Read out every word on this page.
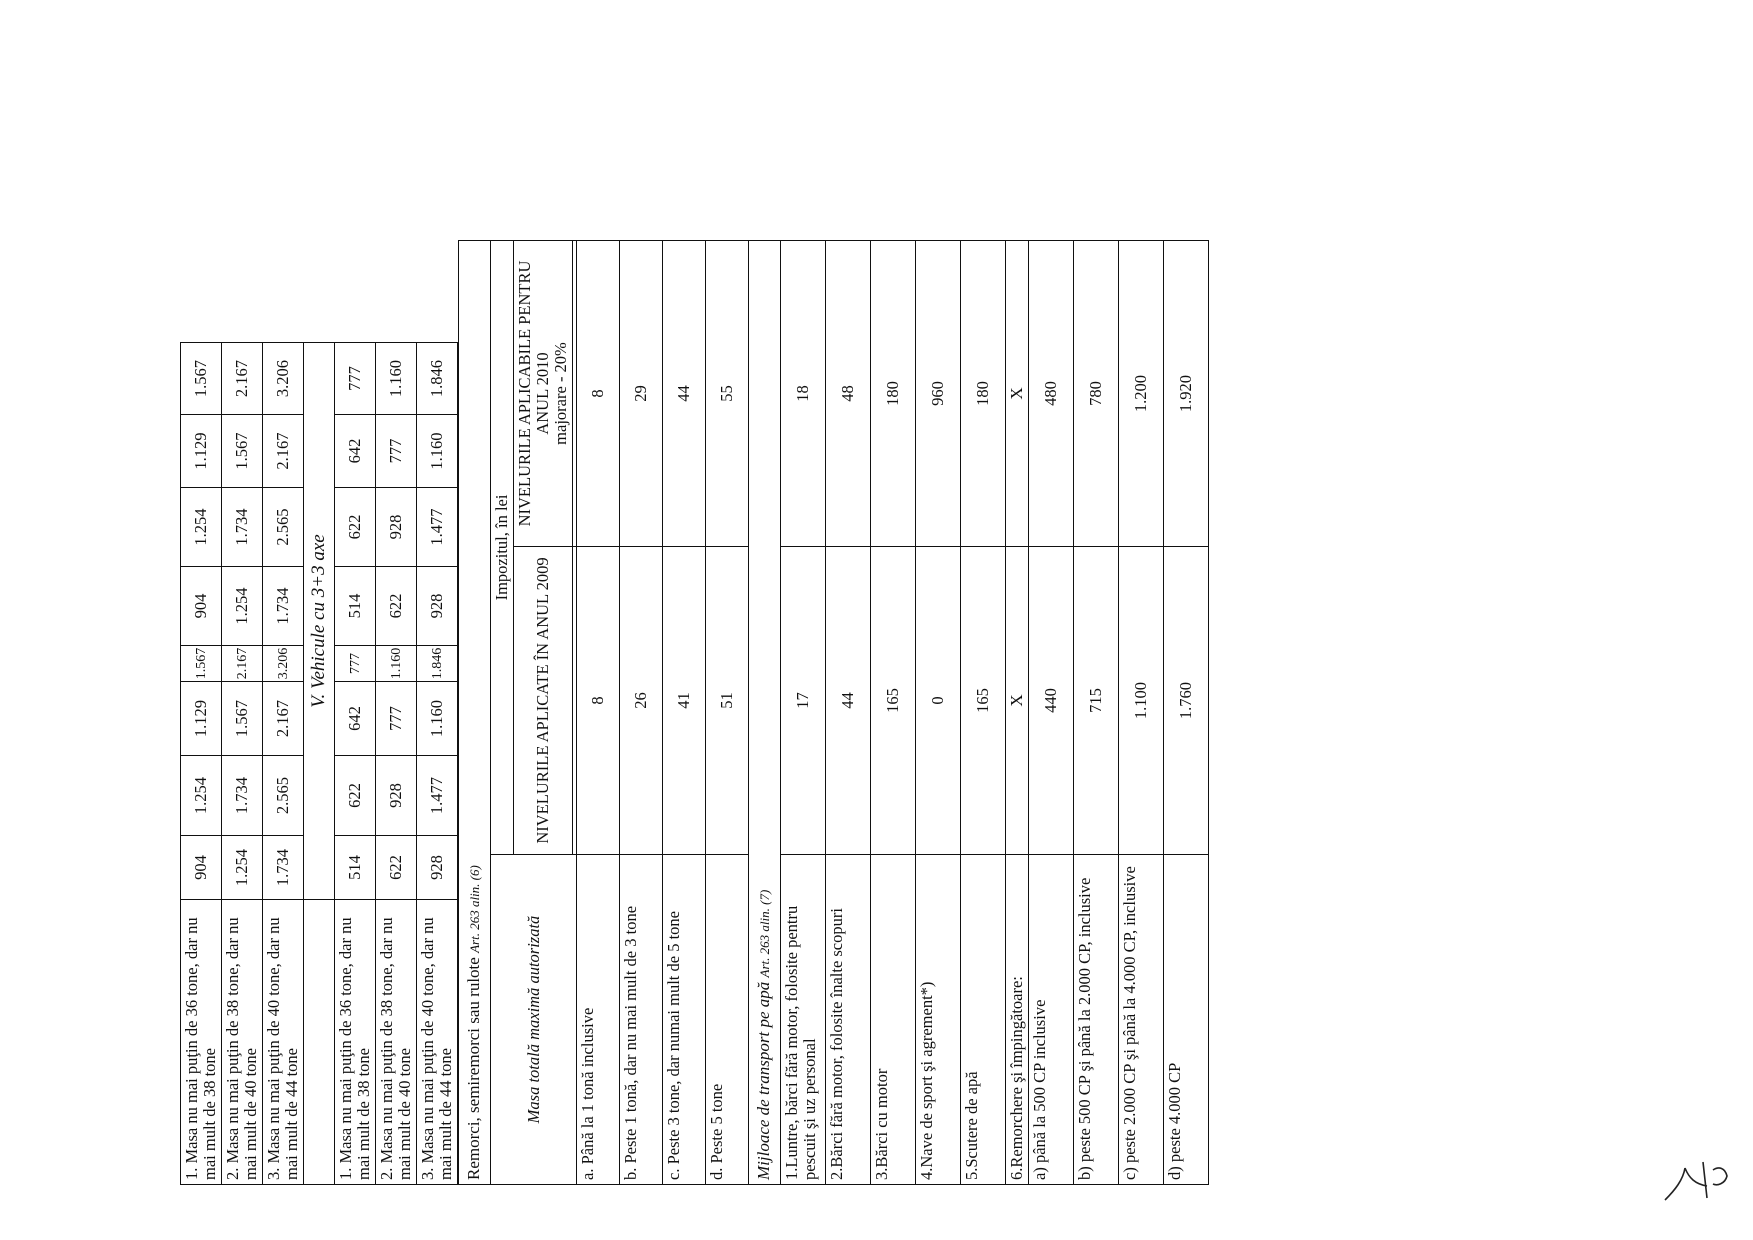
1. Masa nu mai puţin de 36 tone, dar nu mai mult de 38 tone	904	1.254	1.129	1.567	904	1.254	1.129	1.567	
2. Masa nu mai puţin de 38 tone, dar nu mai mult de 40 tone	1.254	1.734	1.567	2.167	1.254	1.734	1.567	2.167	
3. Masa nu mai puţin de 40 tone, dar nu mai mult de 44 tone	1.734	2.565	2.167	3.206	1.734	2.565	2.167	3.206	
	V. Vehicule cu 3+3 axe								
1. Masa nu mai puţin de 36 tone, dar nu mai mult de 38 tone	514	622	642	777	514	622	642	777	
2. Masa nu mai puţin de 38 tone, dar nu mai mult de 40 tone	622	928	777	1.160	622	928	777	1.160	
3. Masa nu mai puţin de 40 tone, dar nu mai mult de 44 tone	928	1.477	1.160	1.846	928	1.477	1.160	1.846	
Remorci, semiremorci sau rulote Art. 263 alin. (6)			
Masa totală maximă autorizată	Impozitul, în lei		
	NIVELURILE APLICATE ÎN ANUL 2009	NIVELURILE APLICABILE PENTRU ANUL 2010 majorare - 20%	

a. Până la 1 tonă inclusive	8	8	
b. Peste 1 tonă, dar nu mai mult de 3 tone	26	29	
c. Peste 3 tone, dar numai mult de 5 tone	41	44	
d. Peste 5 tone	51	55	
Mijloace de transport pe apă Art. 263 alin. (7)			
1.Luntre, bărci fără motor, folosite pentru pescuit şi uz personal	17	18	
2.Bărci fără motor, folosite înalte scopuri	44	48	
3.Bărci cu motor	165	180	
4.Nave de sport şi agrement*)	0	960	
5.Scutere de apă	165	180	
6.Remorchere şi împingătoare:	X	X	
a) până la 500 CP inclusive	440	480	
b) peste 500 CP şi până la 2.000 CP, inclusive	715	780	
c) peste 2.000 CP şi până la 4.000 CP, inclusive	1.100	1.200	
d) peste 4.000 CP	1.760	1.920	
